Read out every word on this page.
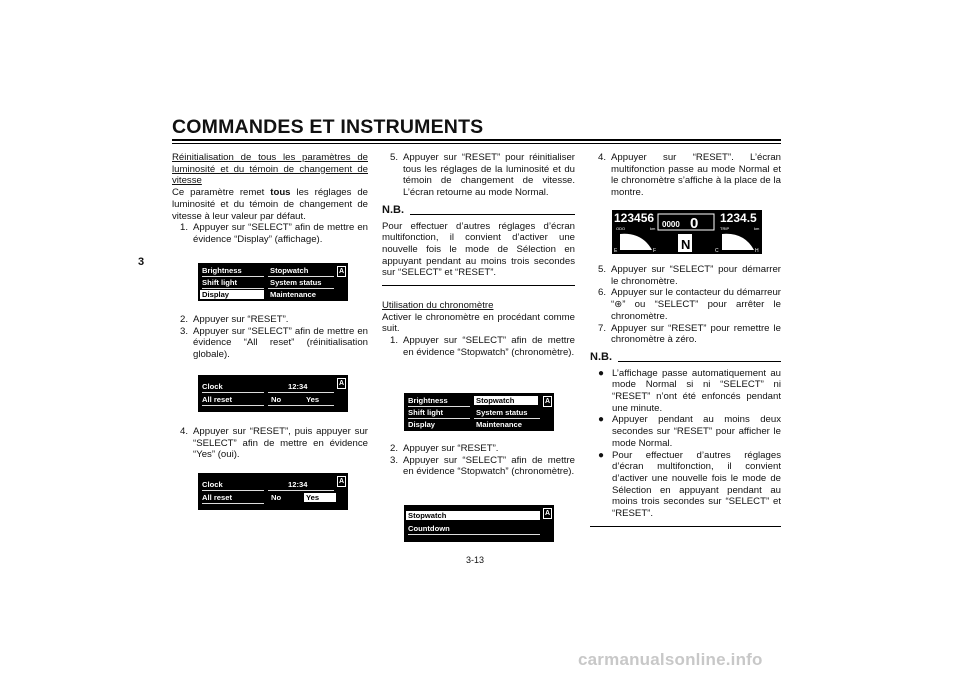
COMMANDES ET INSTRUMENTS
3

Réinitialisation de tous les paramètres de luminosité et du témoin de changement de vitesse

Ce paramètre remet tous les réglages de luminosité et du témoin de changement de vitesse à leur valeur par défaut.

1. Appuyer sur “SELECT” afin de mettre en évidence “Display” (affichage).
Brightness	Stopwatch
Shift light	System status
Display	Maintenance
A
2. Appuyer sur “RESET”.
3. Appuyer sur “SELECT” afin de mettre en évidence “All reset” (réinitialisation globale).
Clock	12:34
All reset	No	Yes
A
4. Appuyer sur “RESET”, puis appuyer sur “SELECT” afin de mettre en évidence “Yes” (oui).
Clock	12:34
All reset	No	Yes
A
5. Appuyer sur “RESET” pour réinitialiser tous les réglages de la luminosité et du témoin de changement de vitesse. L’écran retourne au mode Normal.
N.B.

Pour effectuer d’autres réglages d’écran multifonction, il convient d’activer une nouvelle fois le mode de Sélection en appuyant pendant au moins trois secondes sur “SELECT” et “RESET”.

Utilisation du chronomètre

Activer le chronomètre en procédant comme suit.

1. Appuyer sur “SELECT” afin de mettre en évidence “Stopwatch” (chronomètre).
Brightness	Stopwatch
Shift light	System status
Display	Maintenance
A
2. Appuyer sur “RESET”.
3. Appuyer sur “SELECT” afin de mettre en évidence “Stopwatch” (chronomètre).
Stopwatch
Countdown
A
4. Appuyer sur “RESET”. L’écran multifonction passe au mode Normal et le chronomètre s’affiche à la place de la montre.
123456
ODO	km 0000 0 1234.5
TRIP	km
E	F N	C	H
5. Appuyer sur “SELECT” pour démarrer le chronomètre.
6. Appuyer sur le contacteur du démarreur “⊛” ou “SELECT” pour arrêter le chronomètre.
7. Appuyer sur “RESET” pour remettre le chronomètre à zéro.
N.B.
● L’affichage passe automatiquement au mode Normal si ni “SELECT” ni “RESET” n’ont été enfoncés pendant une minute.
● Appuyer pendant au moins deux secondes sur “RESET” pour afficher le mode Normal.
● Pour effectuer d’autres réglages d’écran multifonction, il convient d’activer une nouvelle fois le mode de Sélection en appuyant pendant au moins trois secondes sur “SELECT” et “RESET”.
3-13
carmanualsonline.info
